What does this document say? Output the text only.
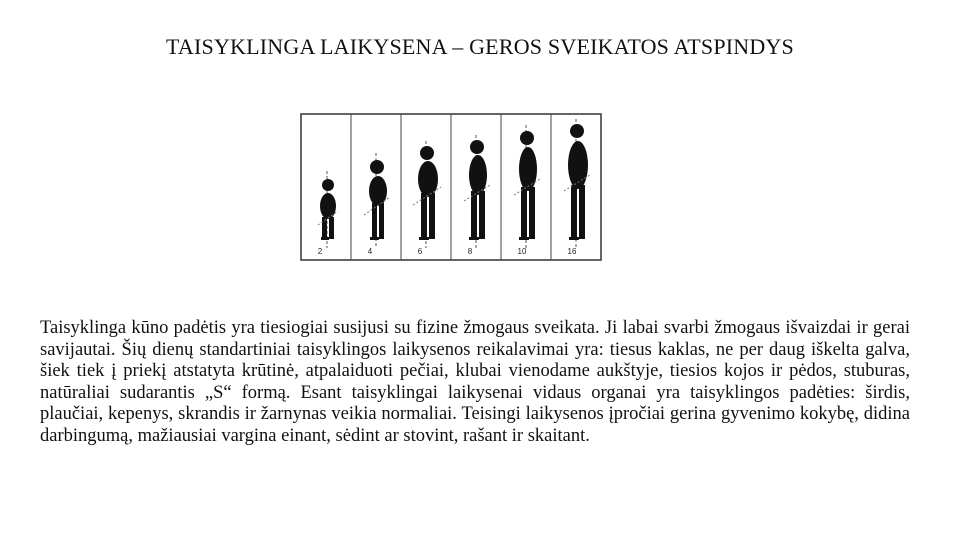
TAISYKLINGA LAIKYSENA – GEROS SVEIKATOS ATSPINDYS
2	4	6	8	10	16

Taisyklinga kūno padėtis yra tiesiogiai susijusi su fizine žmogaus sveikata. Ji labai svarbi žmogaus išvaizdai ir gerai savijautai. Šių dienų standartiniai taisyklingos laikysenos reikalavimai yra: tiesus kaklas, ne per daug iškelta galva, šiek tiek į priekį atstatyta krūtinė, atpalaiduoti pečiai, klubai vienodame aukštyje, tiesios kojos ir pėdos, stuburas, natūraliai sudarantis „S“ formą. Esant taisyklingai laikysenai vidaus organai yra taisyklingos padėties: širdis, plaučiai, kepenys, skrandis ir žarnynas veikia normaliai. Teisingi laikysenos įpročiai gerina gyvenimo kokybę, didina darbingumą, mažiausiai vargina einant, sėdint ar stovint, rašant ir skaitant.
